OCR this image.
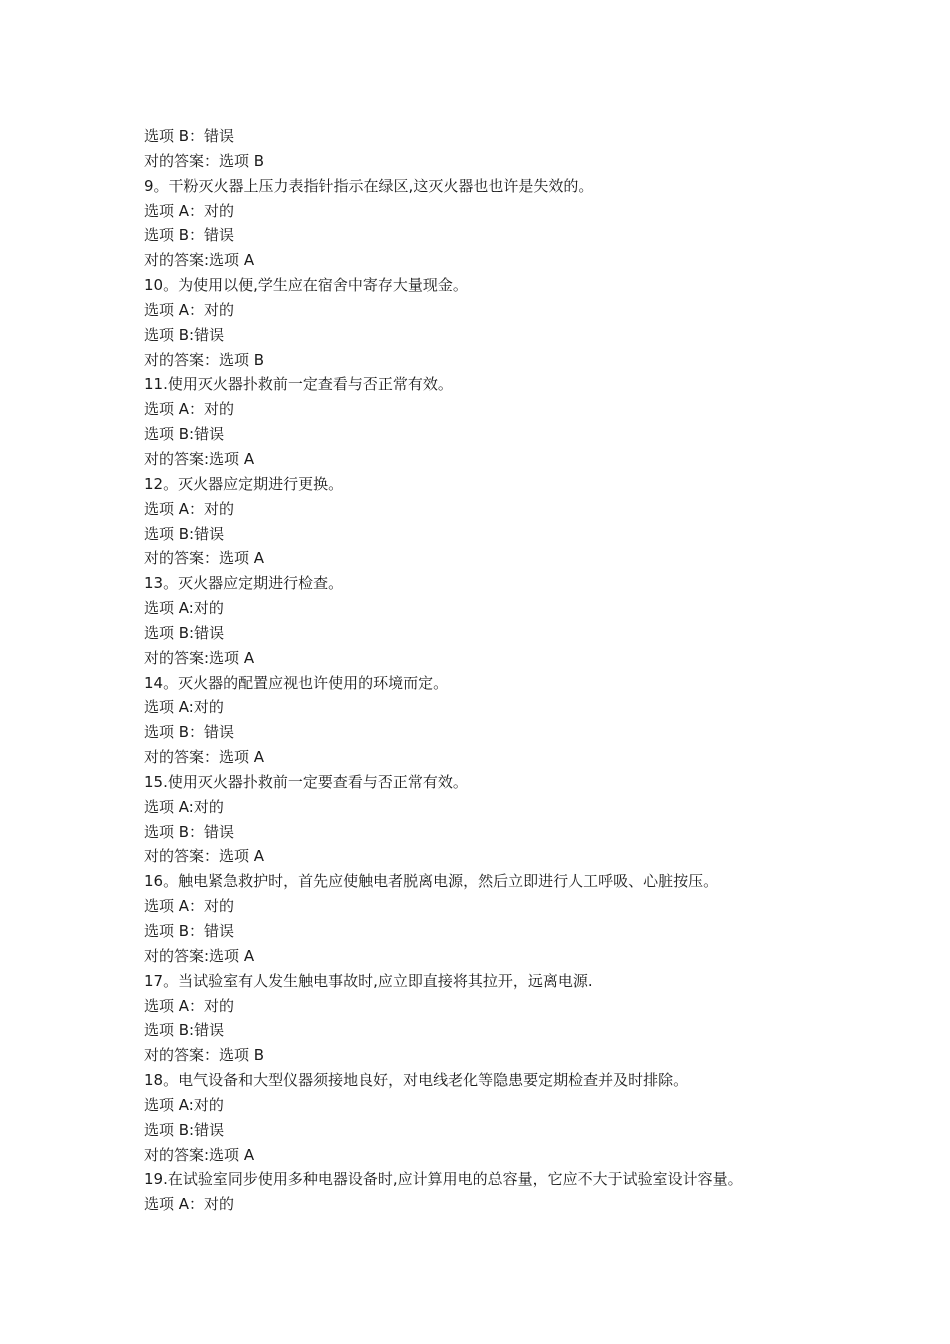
选项 B：错误
对的答案：选项 B
9。干粉灭火器上压力表指针指示在绿区,这灭火器也也许是失效的。
选项 A：对的
选项 B：错误
对的答案:选项 A
10。为使用以便,学生应在宿舍中寄存大量现金。
选项 A：对的
选项 B:错误
对的答案：选项 B
11.使用灭火器扑救前一定查看与否正常有效。
选项 A：对的
选项 B:错误
对的答案:选项 A
12。灭火器应定期进行更换。
选项 A：对的
选项 B:错误
对的答案：选项 A
13。灭火器应定期进行检查。
选项 A:对的
选项 B:错误
对的答案:选项 A
14。灭火器的配置应视也许使用的环境而定。
选项 A:对的
选项 B：错误
对的答案：选项 A
15.使用灭火器扑救前一定要查看与否正常有效。
选项 A:对的
选项 B：错误
对的答案：选项 A
16。触电紧急救护时，首先应使触电者脱离电源，然后立即进行人工呼吸、心脏按压。
选项 A：对的
选项 B：错误
对的答案:选项 A
17。当试验室有人发生触电事故时,应立即直接将其拉开，远离电源.
选项 A：对的
选项 B:错误
对的答案：选项 B
18。电气设备和大型仪器须接地良好，对电线老化等隐患要定期检查并及时排除。
选项 A:对的
选项 B:错误
对的答案:选项 A
19.在试验室同步使用多种电器设备时,应计算用电的总容量，它应不大于试验室设计容量。
选项 A：对的
